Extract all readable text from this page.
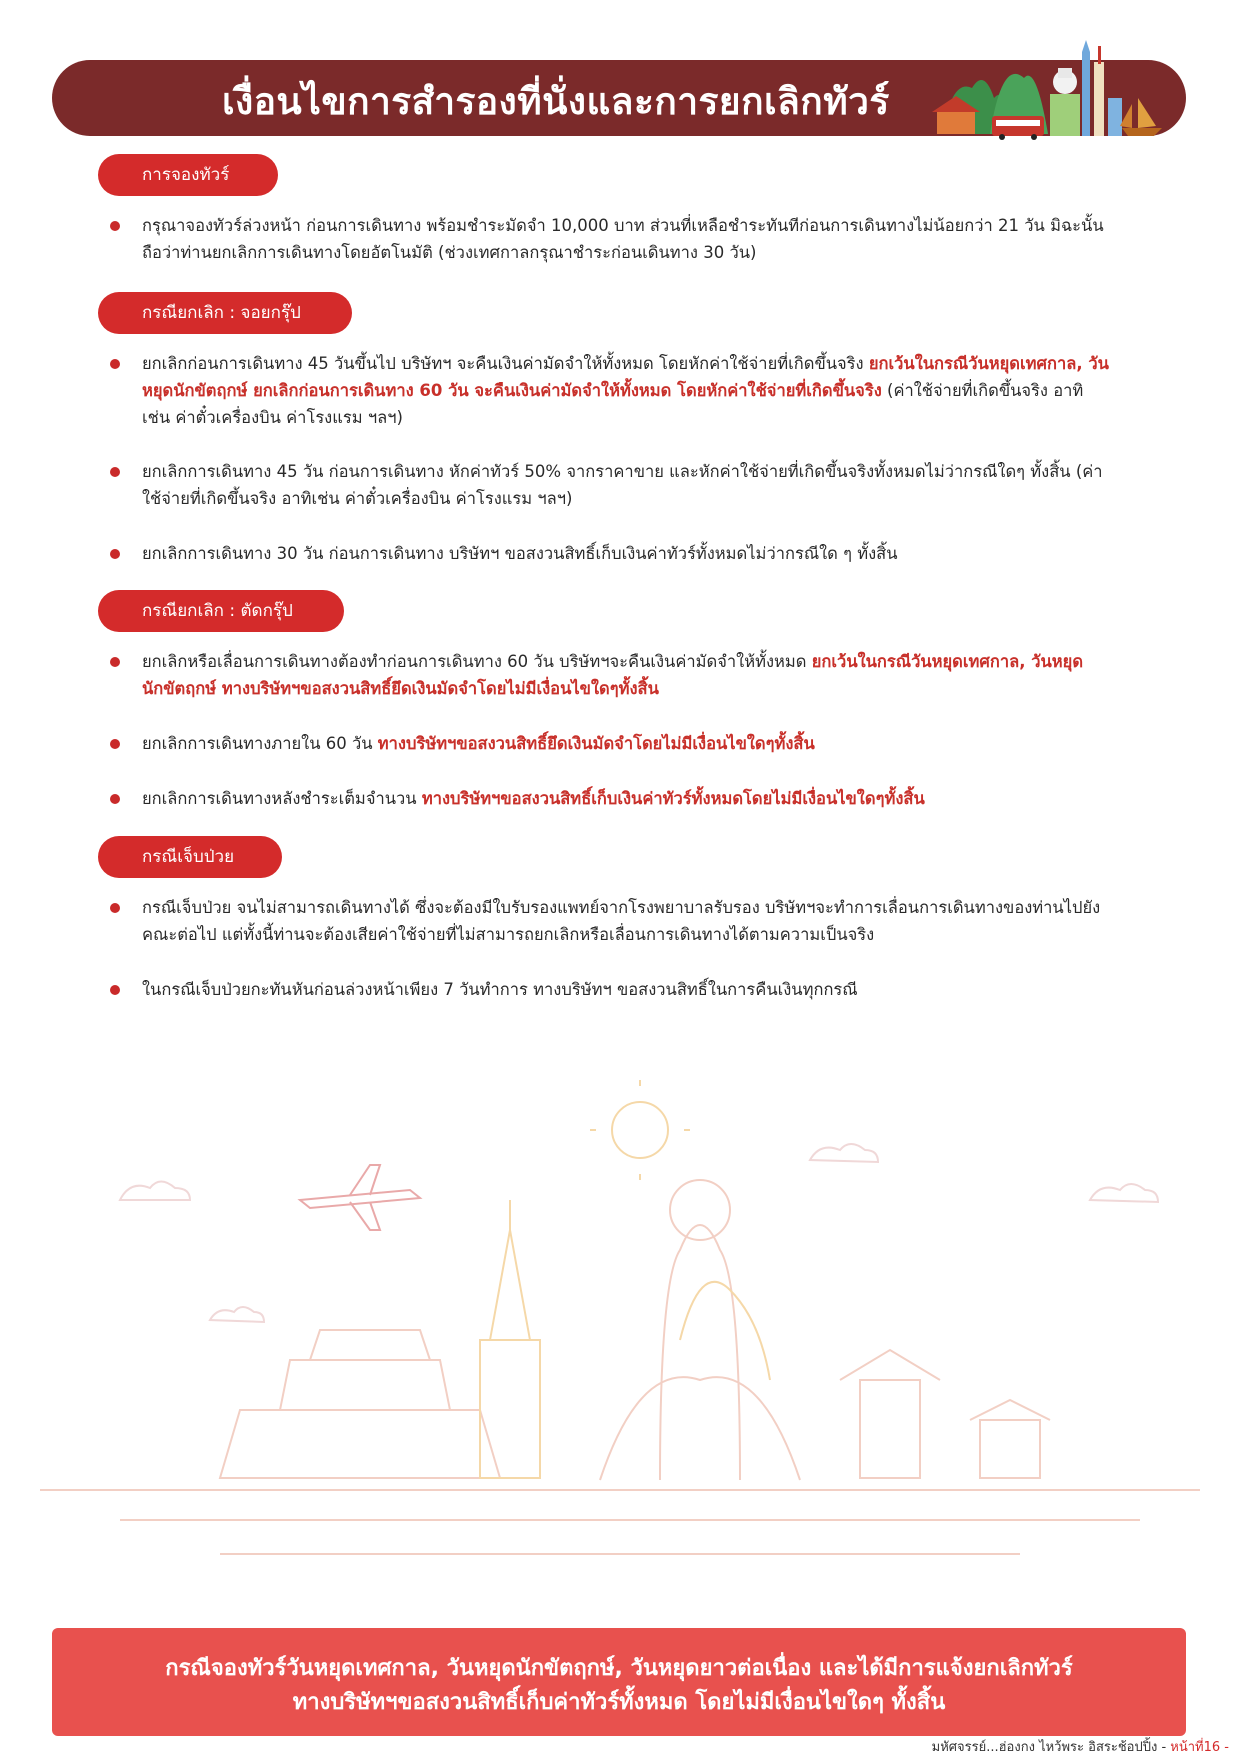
เงื่อนไขการสำรองที่นั่งและการยกเลิกทัวร์
การจองทัวร์
กรุณาจองทัวร์ล่วงหน้า ก่อนการเดินทาง พร้อมชำระมัดจำ 10,000 บาท ส่วนที่เหลือชำระทันทีก่อนการเดินทางไม่น้อยกว่า 21 วัน มิฉะนั้นถือว่าท่านยกเลิกการเดินทางโดยอัตโนมัติ (ช่วงเทศกาลกรุณาชำระก่อนเดินทาง 30 วัน)
กรณียกเลิก : จอยกรุ๊ป
ยกเลิกก่อนการเดินทาง 45 วันขึ้นไป บริษัทฯ จะคืนเงินค่ามัดจำให้ทั้งหมด โดยหักค่าใช้จ่ายที่เกิดขึ้นจริง ยกเว้นในกรณีวันหยุดเทศกาล, วันหยุดนักขัตฤกษ์ ยกเลิกก่อนการเดินทาง 60 วัน จะคืนเงินค่ามัดจำให้ทั้งหมด โดยหักค่าใช้จ่ายที่เกิดขึ้นจริง (ค่าใช้จ่ายที่เกิดขึ้นจริง อาทิเช่น ค่าตั๋วเครื่องบิน ค่าโรงแรม ฯลฯ)
ยกเลิกการเดินทาง 45 วัน ก่อนการเดินทาง หักค่าทัวร์ 50% จากราคาขาย และหักค่าใช้จ่ายที่เกิดขึ้นจริงทั้งหมดไม่ว่ากรณีใดๆ ทั้งสิ้น (ค่าใช้จ่ายที่เกิดขึ้นจริง อาทิเช่น ค่าตั๋วเครื่องบิน ค่าโรงแรม ฯลฯ)
ยกเลิกการเดินทาง 30 วัน ก่อนการเดินทาง บริษัทฯ ขอสงวนสิทธิ์เก็บเงินค่าทัวร์ทั้งหมดไม่ว่ากรณีใด ๆ ทั้งสิ้น
กรณียกเลิก : ตัดกรุ๊ป
ยกเลิกหรือเลื่อนการเดินทางต้องทำก่อนการเดินทาง 60 วัน บริษัทฯจะคืนเงินค่ามัดจำให้ทั้งหมด ยกเว้นในกรณีวันหยุดเทศกาล, วันหยุดนักขัตฤกษ์ ทางบริษัทฯขอสงวนสิทธิ์ยึดเงินมัดจำโดยไม่มีเงื่อนไขใดๆทั้งสิ้น
ยกเลิกการเดินทางภายใน 60 วัน ทางบริษัทฯขอสงวนสิทธิ์ยึดเงินมัดจำโดยไม่มีเงื่อนไขใดๆทั้งสิ้น
ยกเลิกการเดินทางหลังชำระเต็มจำนวน ทางบริษัทฯขอสงวนสิทธิ์เก็บเงินค่าทัวร์ทั้งหมดโดยไม่มีเงื่อนไขใดๆทั้งสิ้น
กรณีเจ็บป่วย
กรณีเจ็บป่วย จนไม่สามารถเดินทางได้ ซึ่งจะต้องมีใบรับรองแพทย์จากโรงพยาบาลรับรอง บริษัทฯจะทำการเลื่อนการเดินทางของท่านไปยังคณะต่อไป แต่ทั้งนี้ท่านจะต้องเสียค่าใช้จ่ายที่ไม่สามารถยกเลิกหรือเลื่อนการเดินทางได้ตามความเป็นจริง
ในกรณีเจ็บป่วยกะทันหันก่อนล่วงหน้าเพียง 7 วันทำการ ทางบริษัทฯ ขอสงวนสิทธิ์ในการคืนเงินทุกกรณี
กรณีจองทัวร์วันหยุดเทศกาล, วันหยุดนักขัตฤกษ์, วันหยุดยาวต่อเนื่อง และได้มีการแจ้งยกเลิกทัวร์
ทางบริษัทฯขอสงวนสิทธิ์เก็บค่าทัวร์ทั้งหมด โดยไม่มีเงื่อนไขใดๆ ทั้งสิ้น
มหัศจรรย์...ฮ่องกง ไหว้พระ อิสระช้อปปิ้ง - หน้าที่16 -
